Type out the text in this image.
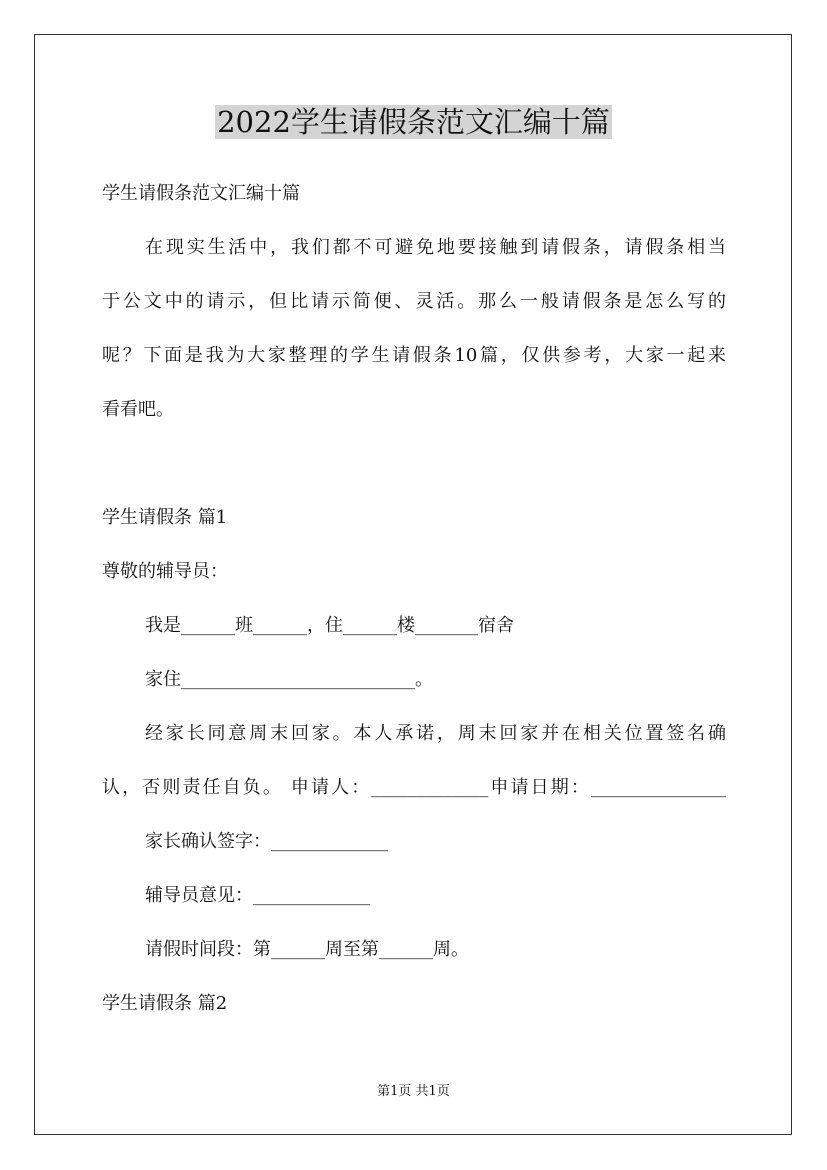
2022学生请假条范文汇编十篇
学生请假条范文汇编十篇
在现实生活中，我们都不可避免地要接触到请假条，请假条相当
于公文中的请示，但比请示简便、灵活。那么一般请假条是怎么写的
呢？下面是我为大家整理的学生请假条10篇，仅供参考，大家一起来
看看吧。
学生请假条 篇1
尊敬的辅导员：
我是______班______，住______楼_______宿舍
家住__________________________。
经家长同意周末回家。本人承诺，周末回家并在相关位置签名确
认，否则责任自负。 申请人：_____________申请日期：_______________
家长确认签字：_____________
辅导员意见：_____________
请假时间段：第______周至第______周。
学生请假条 篇2
第1页 共1页
